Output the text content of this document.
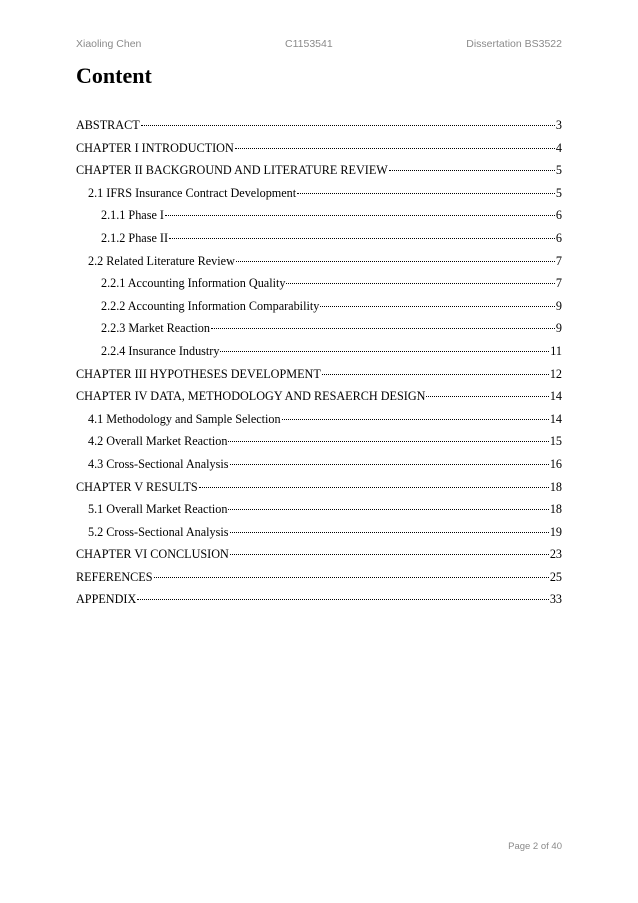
Xiaoling Chen	C1153541	Dissertation BS3522
Content
ABSTRACT	3
CHAPTER I INTRODUCTION	4
CHAPTER II BACKGROUND AND LITERATURE REVIEW	5
2.1 IFRS Insurance Contract Development	5
2.1.1 Phase I	6
2.1.2 Phase II	6
2.2 Related Literature Review	7
2.2.1 Accounting Information Quality	7
2.2.2 Accounting Information Comparability	9
2.2.3 Market Reaction	9
2.2.4 Insurance Industry	11
CHAPTER III HYPOTHESES DEVELOPMENT	12
CHAPTER IV DATA, METHODOLOGY AND RESAERCH DESIGN	14
4.1 Methodology and Sample Selection	14
4.2 Overall Market Reaction	15
4.3 Cross-Sectional Analysis	16
CHAPTER V RESULTS	18
5.1 Overall Market Reaction	18
5.2 Cross-Sectional Analysis	19
CHAPTER VI CONCLUSION	23
REFERENCES	25
APPENDIX	33
Page 2 of 40
